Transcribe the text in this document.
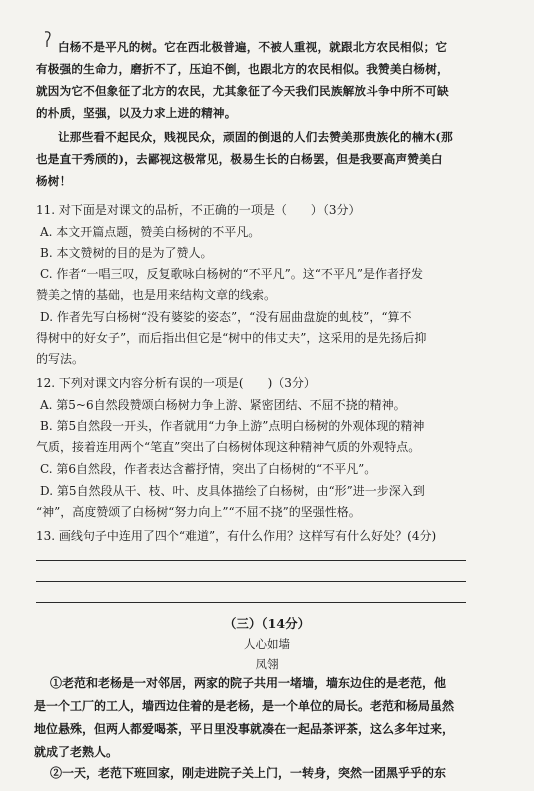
白杨不是平凡的树。它在西北极普遍，不被人重视，就跟北方农民相似；它
有极强的生命力，磨折不了，压迫不倒，也跟北方的农民相似。我赞美白杨树，
就因为它不但象征了北方的农民，尤其象征了今天我们民族解放斗争中所不可缺
的朴质，坚强，以及力求上进的精神。
让那些看不起民众，贱视民众，顽固的倒退的人们去赞美那贵族化的楠木(那
也是直干秀颀的)，去鄙视这极常见，极易生长的白杨罢，但是我要高声赞美白
杨树！
11. 对下面是对课文的品析，不正确的一项是（　　）（3分）
A. 本文开篇点题，赞美白杨树的不平凡。
B. 本文赞树的目的是为了赞人。
C. 作者“一唱三叹，反复歌咏白杨树的“不平凡”。这“不平凡”是作者抒发
赞美之情的基础，也是用来结构文章的线索。
D. 作者先写白杨树“没有婆娑的姿态”，“没有屈曲盘旋的虬枝”，“算不
得树中的好女子”，而后指出但它是“树中的伟丈夫”，这采用的是先扬后抑
的写法。
12. 下列对课文内容分析有误的一项是(　　)（3分）
A. 第5~6自然段赞颂白杨树力争上游、紧密团结、不屈不挠的精神。
B. 第5自然段一开头，作者就用“力争上游”点明白杨树的外观体现的精神
气质，接着连用两个“笔直”突出了白杨树体现这种精神气质的外观特点。
C. 第6自然段，作者表达含蓄抒情，突出了白杨树的“不平凡”。
D. 第5自然段从干、枝、叶、皮具体描绘了白杨树，由“形”进一步深入到
“神”，高度赞颂了白杨树“努力向上”“不屈不挠”的坚强性格。
13. 画线句子中连用了四个“难道”，有什么作用？这样写有什么好处？(4分)
（三）（14分）
人心如墙
凤翎
①老范和老杨是一对邻居，两家的院子共用一堵墙，墙东边住的是老范，他
是一个工厂的工人，墙西边住着的是老杨，是一个单位的局长。老范和杨局虽然
地位悬殊，但两人都爱喝茶，平日里没事就凑在一起品茶评茶，这么多年过来，
就成了老熟人。
②一天，老范下班回家，刚走进院子关上门，一转身，突然一团黑乎乎的东
